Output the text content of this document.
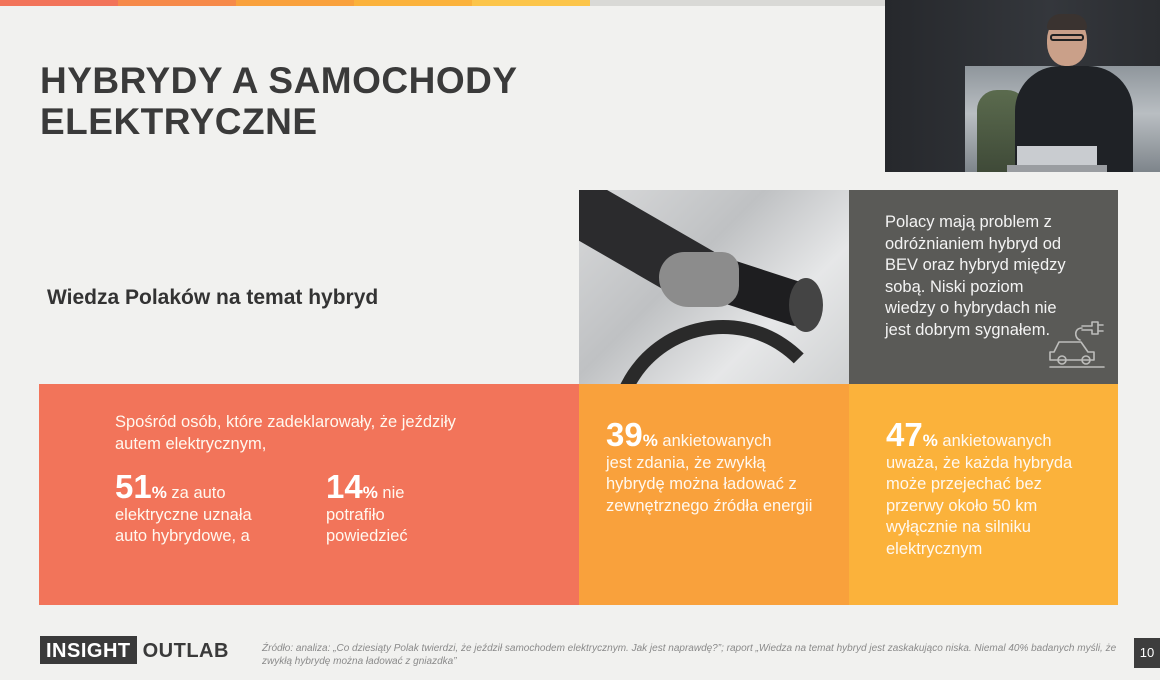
HYBRYDY A SAMOCHODY ELEKTRYCZNE
Wiedza Polaków na temat hybryd

Polacy mają problem z odróżnianiem hybryd od BEV oraz hybryd między sobą. Niski poziom wiedzy o hybrydach nie jest dobrym sygnałem.

Spośród osób, które zadeklarowały, że jeździły autem elektrycznym,
51% za auto
elektryczne uznała auto hybrydowe, a
14% nie
potrafiło powiedzieć
39% ankietowanych
jest zdania, że zwykłą hybrydę można ładować z zewnętrznego źródła energii
47% ankietowanych
uważa, że każda hybryda może przejechać bez przerwy około 50 km wyłącznie na silniku elektrycznym
INSIGHT OUTLAB	Źródło: analiza: „Co dziesiąty Polak twierdzi, że jeździł samochodem elektrycznym. Jak jest naprawdę?”; raport „Wiedza na temat hybryd jest zaskakująco niska. Niemal 40% badanych myśli, że zwykłą hybrydę można ładować z gniazdka”
10
